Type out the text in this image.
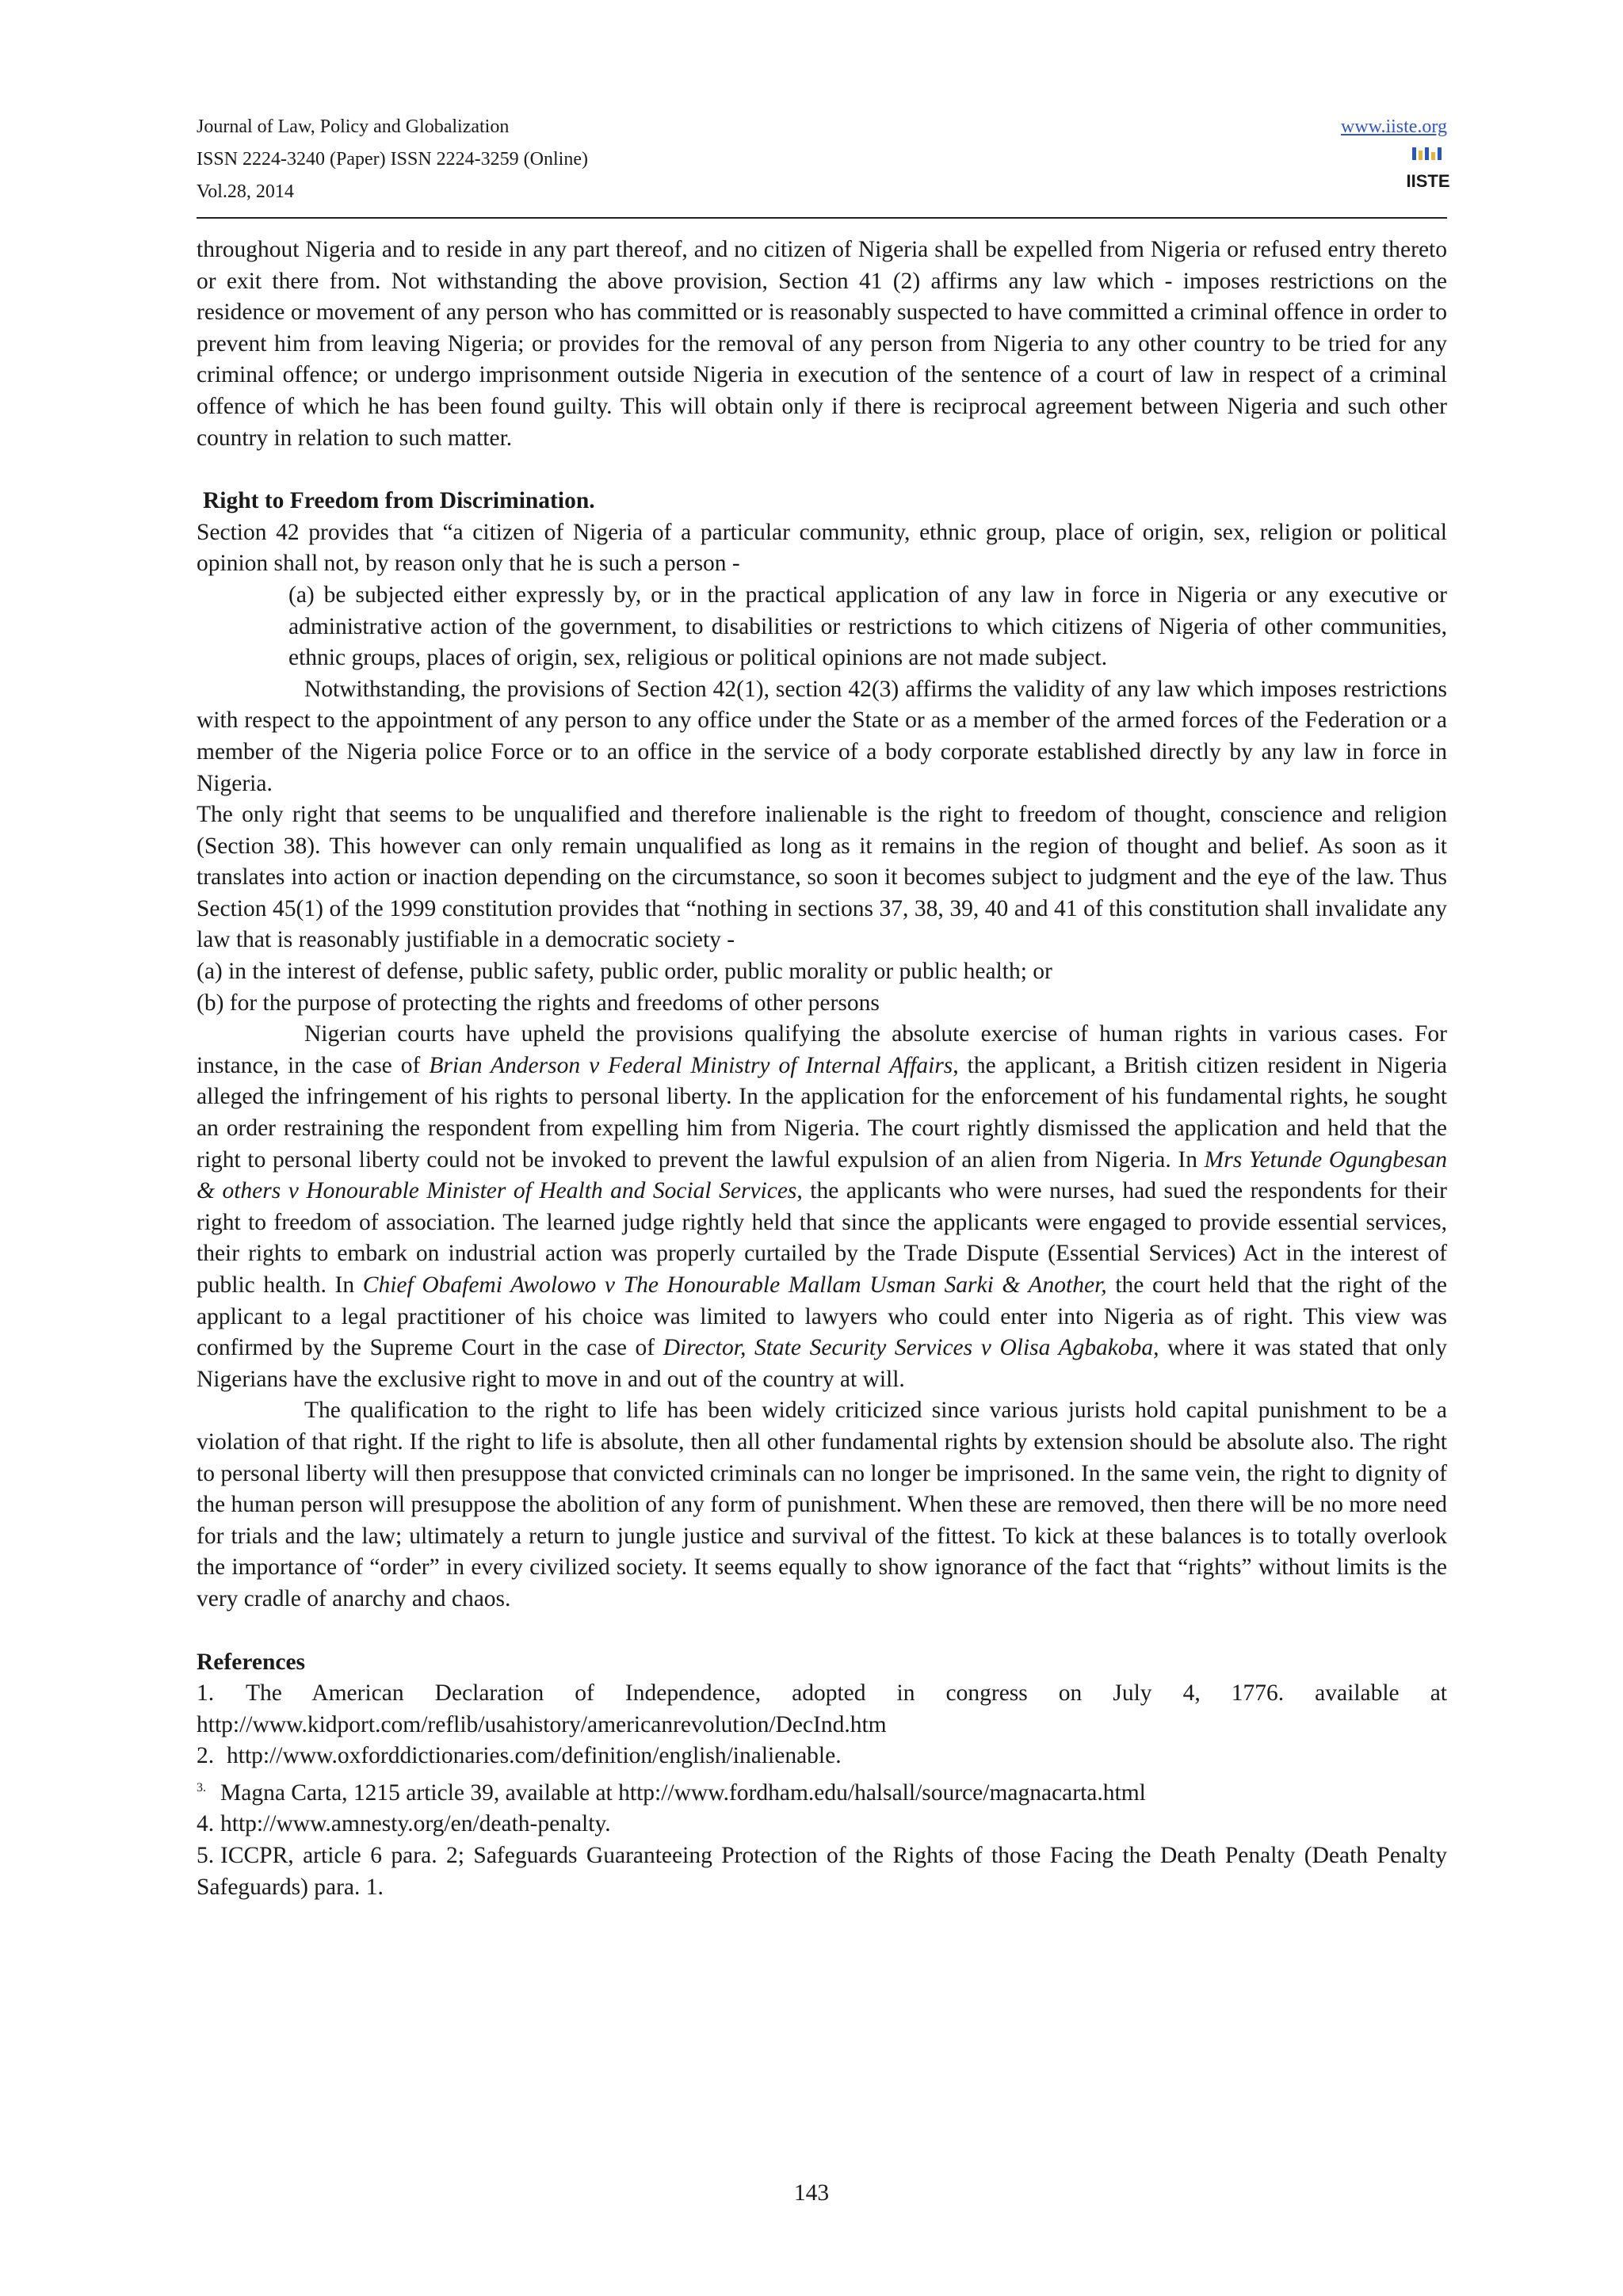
Journal of Law, Policy and Globalization
ISSN 2224-3240 (Paper) ISSN 2224-3259 (Online)
Vol.28, 2014
www.iiste.org
IISTE

throughout Nigeria and to reside in any part thereof, and no citizen of Nigeria shall be expelled from Nigeria or refused entry thereto or exit there from. Not withstanding the above provision, Section 41 (2) affirms any law which - imposes restrictions on the residence or movement of any person who has committed or is reasonably suspected to have committed a criminal offence in order to prevent him from leaving Nigeria; or provides for the removal of any person from Nigeria to any other country to be tried for any criminal offence; or undergo imprisonment outside Nigeria in execution of the sentence of a court of law in respect of a criminal offence of which he has been found guilty. This will obtain only if there is reciprocal agreement between Nigeria and such other country in relation to such matter.

Right to Freedom from Discrimination.

Section 42 provides that “a citizen of Nigeria of a particular community, ethnic group, place of origin, sex, religion or political opinion shall not, by reason only that he is such a person -

(a) be subjected either expressly by, or in the practical application of any law in force in Nigeria or any executive or administrative action of the government, to disabilities or restrictions to which citizens of Nigeria of other communities, ethnic groups, places of origin, sex, religious or political opinions are not made subject.

Notwithstanding, the provisions of Section 42(1), section 42(3) affirms the validity of any law which imposes restrictions with respect to the appointment of any person to any office under the State or as a member of the armed forces of the Federation or a member of the Nigeria police Force or to an office in the service of a body corporate established directly by any law in force in Nigeria.

The only right that seems to be unqualified and therefore inalienable is the right to freedom of thought, conscience and religion (Section 38). This however can only remain unqualified as long as it remains in the region of thought and belief. As soon as it translates into action or inaction depending on the circumstance, so soon it becomes subject to judgment and the eye of the law. Thus Section 45(1) of the 1999 constitution provides that “nothing in sections 37, 38, 39, 40 and 41 of this constitution shall invalidate any law that is reasonably justifiable in a democratic society -

(a) in the interest of defense, public safety, public order, public morality or public health; or

(b) for the purpose of protecting the rights and freedoms of other persons

Nigerian courts have upheld the provisions qualifying the absolute exercise of human rights in various cases. For instance, in the case of Brian Anderson v Federal Ministry of Internal Affairs, the applicant, a British citizen resident in Nigeria alleged the infringement of his rights to personal liberty. In the application for the enforcement of his fundamental rights, he sought an order restraining the respondent from expelling him from Nigeria. The court rightly dismissed the application and held that the right to personal liberty could not be invoked to prevent the lawful expulsion of an alien from Nigeria. In Mrs Yetunde Ogungbesan & others v Honourable Minister of Health and Social Services, the applicants who were nurses, had sued the respondents for their right to freedom of association. The learned judge rightly held that since the applicants were engaged to provide essential services, their rights to embark on industrial action was properly curtailed by the Trade Dispute (Essential Services) Act in the interest of public health. In Chief Obafemi Awolowo v The Honourable Mallam Usman Sarki & Another, the court held that the right of the applicant to a legal practitioner of his choice was limited to lawyers who could enter into Nigeria as of right. This view was confirmed by the Supreme Court in the case of Director, State Security Services v Olisa Agbakoba, where it was stated that only Nigerians have the exclusive right to move in and out of the country at will.

The qualification to the right to life has been widely criticized since various jurists hold capital punishment to be a violation of that right. If the right to life is absolute, then all other fundamental rights by extension should be absolute also. The right to personal liberty will then presuppose that convicted criminals can no longer be imprisoned. In the same vein, the right to dignity of the human person will presuppose the abolition of any form of punishment. When these are removed, then there will be no more need for trials and the law; ultimately a return to jungle justice and survival of the fittest. To kick at these balances is to totally overlook the importance of “order” in every civilized society. It seems equally to show ignorance of the fact that “rights” without limits is the very cradle of anarchy and chaos.

References

1. The American Declaration of Independence, adopted in congress on July 4, 1776. available at http://www.kidport.com/reflib/usahistory/americanrevolution/DecInd.htm

2. http://www.oxforddictionaries.com/definition/english/inalienable.

$^{3.}$ Magna Carta, 1215 article 39, available at http://www.fordham.edu/halsall/source/magnacarta.html

4. http://www.amnesty.org/en/death-penalty.

5. ICCPR, article 6 para. 2; Safeguards Guaranteeing Protection of the Rights of those Facing the Death Penalty (Death Penalty Safeguards) para. 1.

143
